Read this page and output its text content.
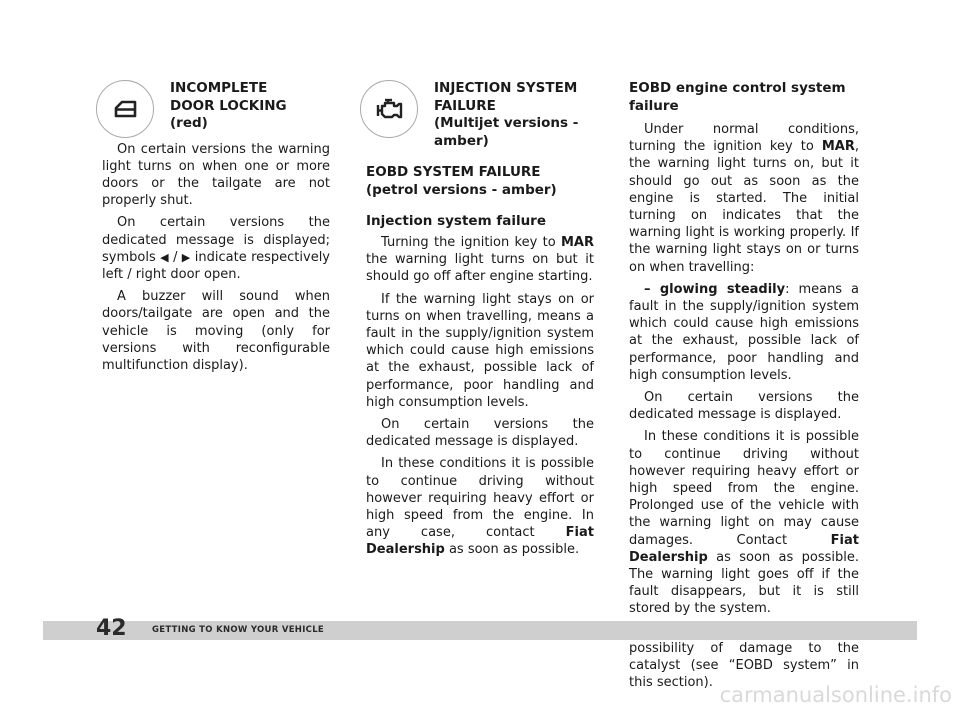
INCOMPLETE
DOOR LOCKING
(red)

On certain versions the warning light turns on when one or more doors or the tailgate are not properly shut.

On certain versions the dedicated message is displayed; symbols ◀ / ▶ indicate respectively left / right door open.

A buzzer will sound when doors/tailgate are open and the vehicle is moving (only for versions with reconfigurable multifunction display).

INJECTION SYSTEM
FAILURE
(Multijet versions -
amber)
EOBD SYSTEM FAILURE
(petrol versions - amber)
Injection system failure

Turning the ignition key to MAR the warning light turns on but it should go off after engine starting.

If the warning light stays on or turns on when travelling, means a fault in the supply/ignition system which could cause high emissions at the exhaust, possible lack of performance, poor handling and high consumption levels.

On certain versions the dedicated message is displayed.

In these conditions it is possible to continue driving without however requiring heavy effort or high speed from the engine. In any case, contact Fiat Dealership as soon as possible.

EOBD engine control system failure

Under normal conditions, turning the ignition key to MAR, the warning light turns on, but it should go out as soon as the engine is started. The initial turning on indicates that the warning light is working properly. If the warning light stays on or turns on when travelling:

– glowing steadily: means a fault in the supply/ignition system which could cause high emissions at the exhaust, possible lack of performance, poor handling and high consumption levels.

On certain versions the dedicated message is displayed.

In these conditions it is possible to continue driving without however requiring heavy effort or high speed from the engine. Prolonged use of the vehicle with the warning light on may cause damages. Contact Fiat Dealership as soon as possible. The warning light goes off if the fault disappears, but it is still stored by the system.

possibility of damage to the catalyst (see “EOBD system” in this section).

42	GETTING TO KNOW YOUR VEHICLE
carmanualsonline.info
